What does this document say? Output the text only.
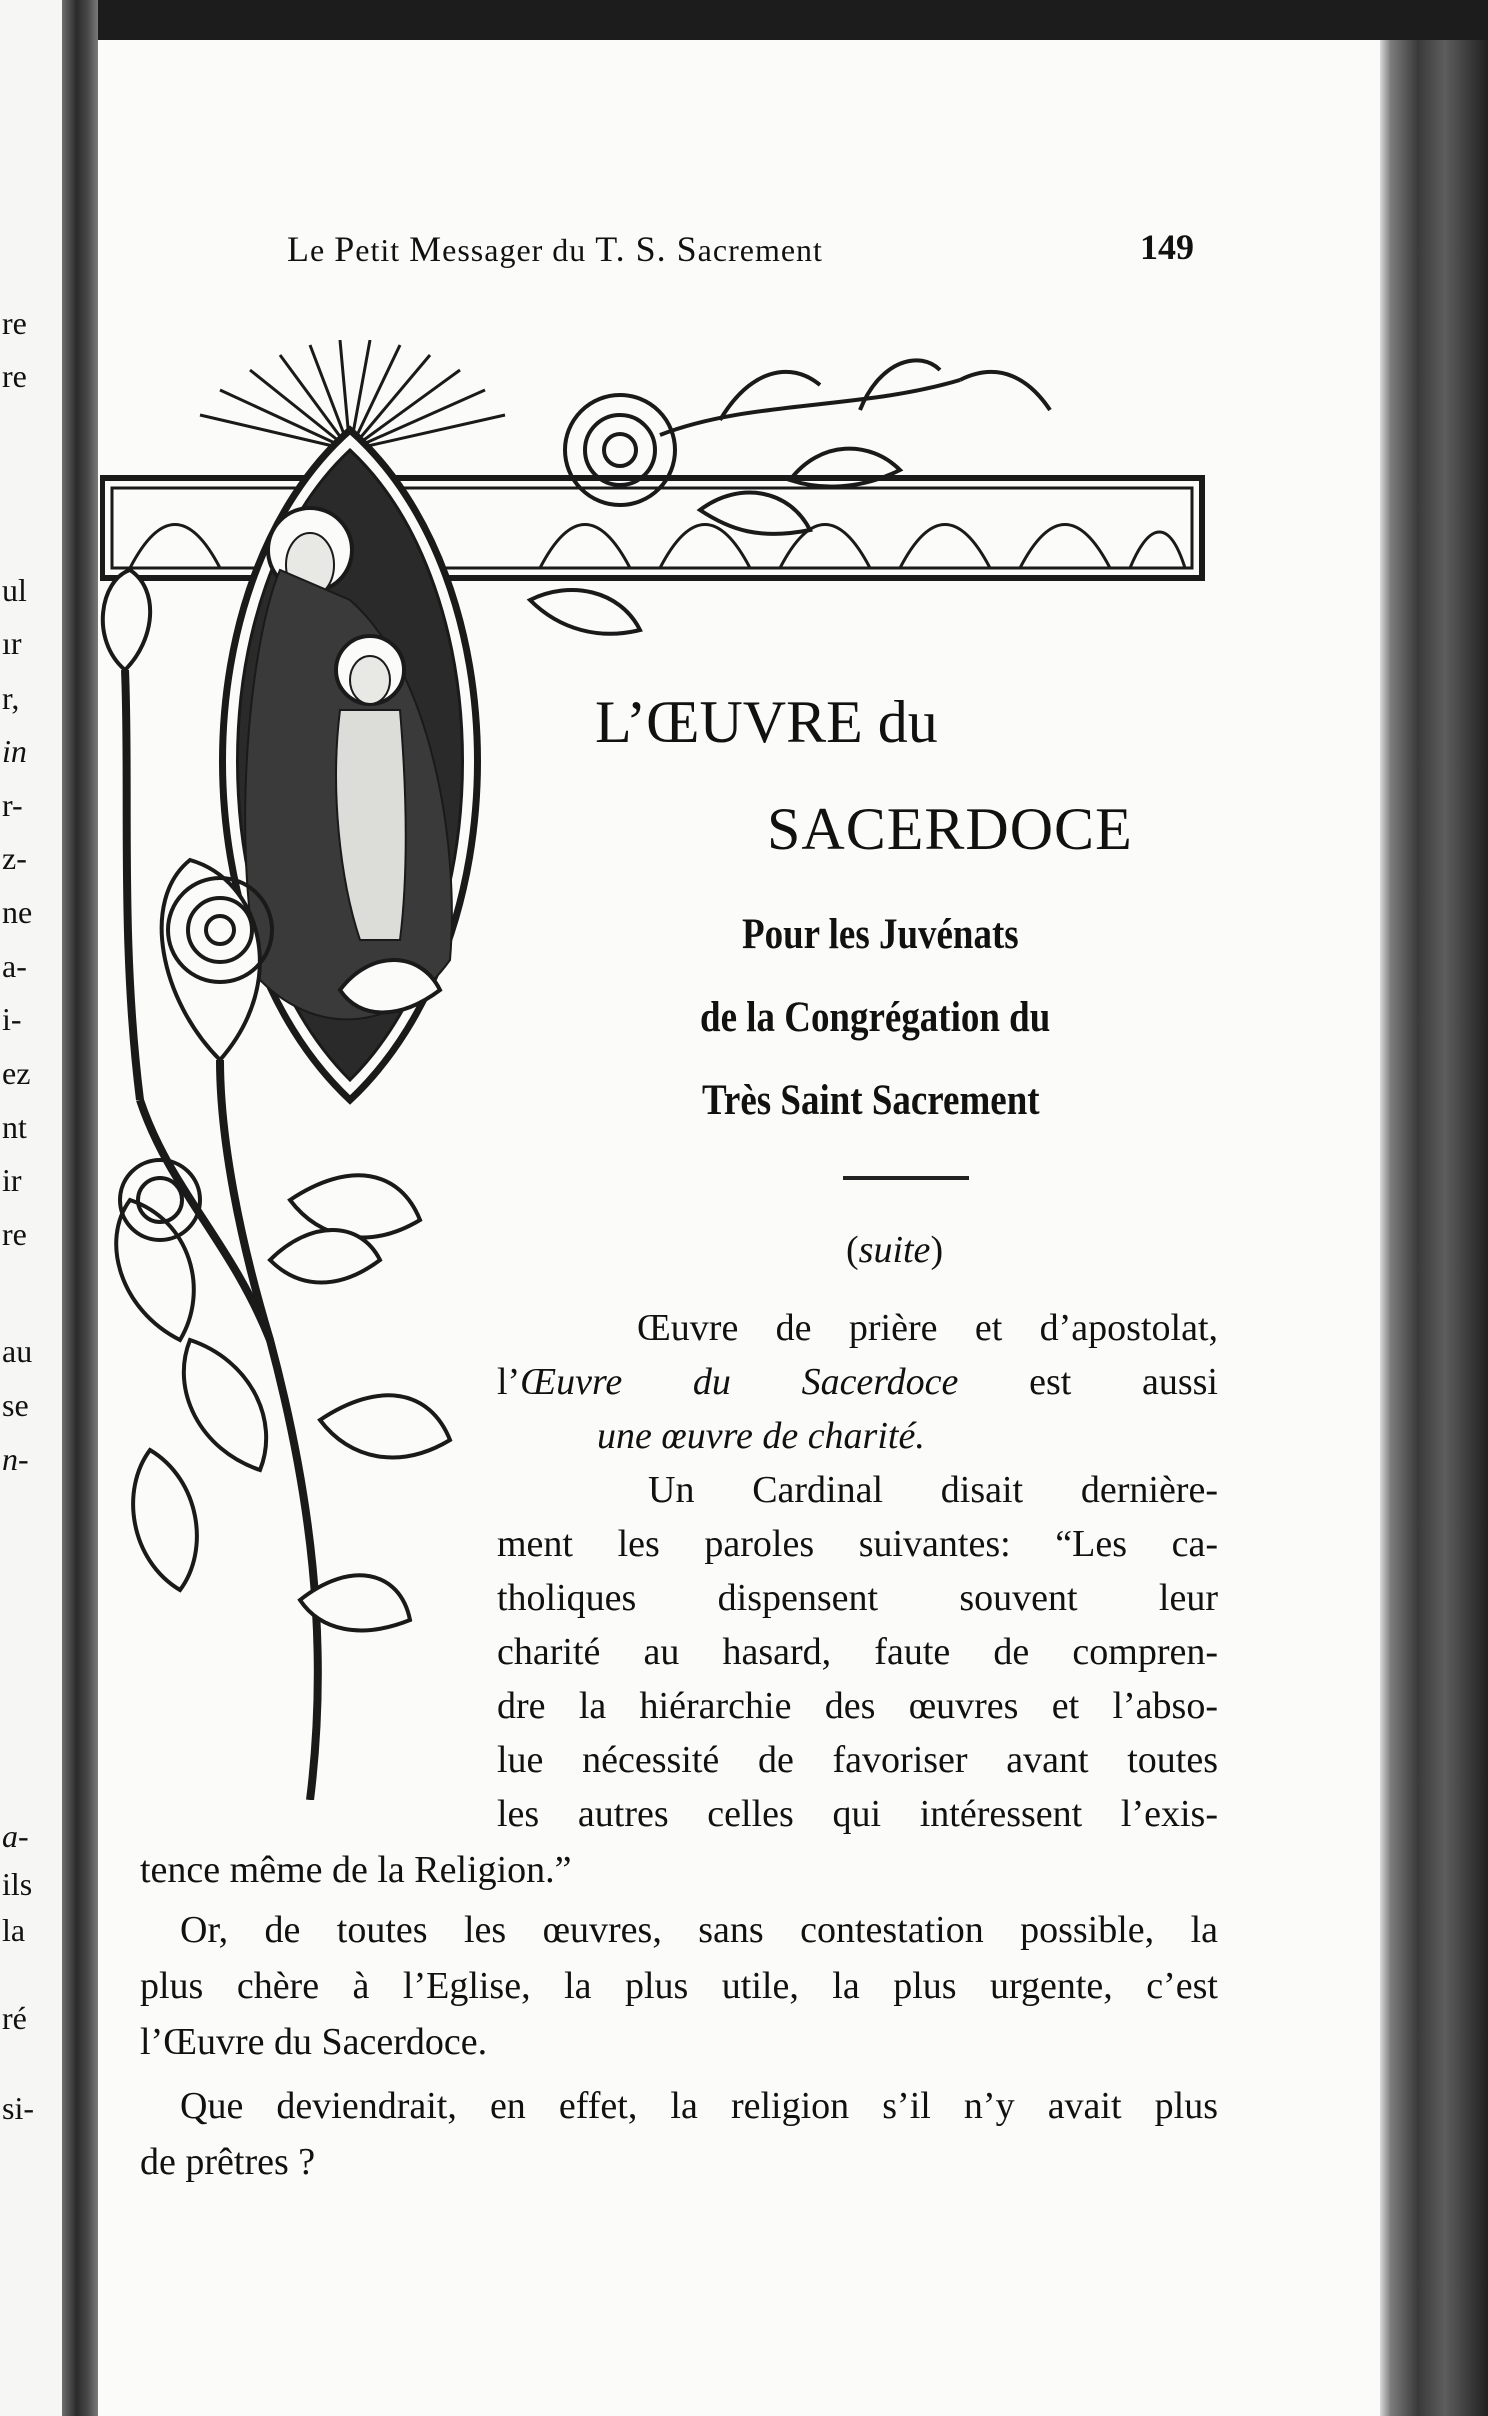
re
re
ul
ır
r,
in
r-
z-
ne
a-
i-
ez
nt
ir
re
au
se
n-
a-
ils
la
ré
si-
Le Petit Messager du T. S. Sacrement	149
L’ŒUVRE du
SACERDOCE
Pour les Juvénats
de la Congrégation du
Très Saint Sacrement
(suite)
Œuvre de prière et d’apostolat,
l’Œuvre du Sacerdoce est aussi
une œuvre de charité.
Un Cardinal disait dernière-
ment les paroles suivantes: “Les ca-
tholiques dispensent souvent leur
charité au hasard, faute de compren-
dre la hiérarchie des œuvres et l’abso-
lue nécessité de favoriser avant toutes
les autres celles qui intéressent l’exis-
tence même de la Religion.”
Or, de toutes les œuvres, sans contestation possible, la
plus chère à l’Eglise, la plus utile, la plus urgente, c’est
l’Œuvre du Sacerdoce.
Que deviendrait, en effet, la religion s’il n’y avait plus
de prêtres ?
